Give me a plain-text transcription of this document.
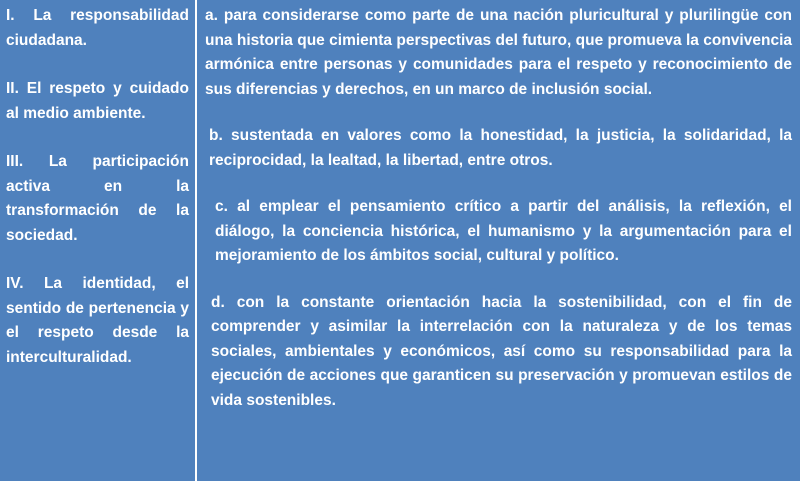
I. La responsabilidad ciudadana.

II. El respeto y cuidado al medio ambiente.

III. La participación activa en la transformación de la sociedad.

IV. La identidad, el sentido de pertenencia y el respeto desde la interculturalidad.

a. para considerarse como parte de una nación pluricultural y plurilingüe con una historia que cimienta perspectivas del futuro, que promueva la convivencia armónica entre personas y comunidades para el respeto y reconocimiento de sus diferencias y derechos, en un marco de inclusión social.

b. sustentada en valores como la honestidad, la justicia, la solidaridad, la reciprocidad, la lealtad, la libertad, entre otros.

c. al emplear el pensamiento crítico a partir del análisis, la reflexión, el diálogo, la conciencia histórica, el humanismo y la argumentación para el mejoramiento de los ámbitos social, cultural y político.

d. con la constante orientación hacia la sostenibilidad, con el fin de comprender y asimilar la interrelación con la naturaleza y de los temas sociales, ambientales y económicos, así como su responsabilidad para la ejecución de acciones que garanticen su preservación y promuevan estilos de vida sostenibles.
